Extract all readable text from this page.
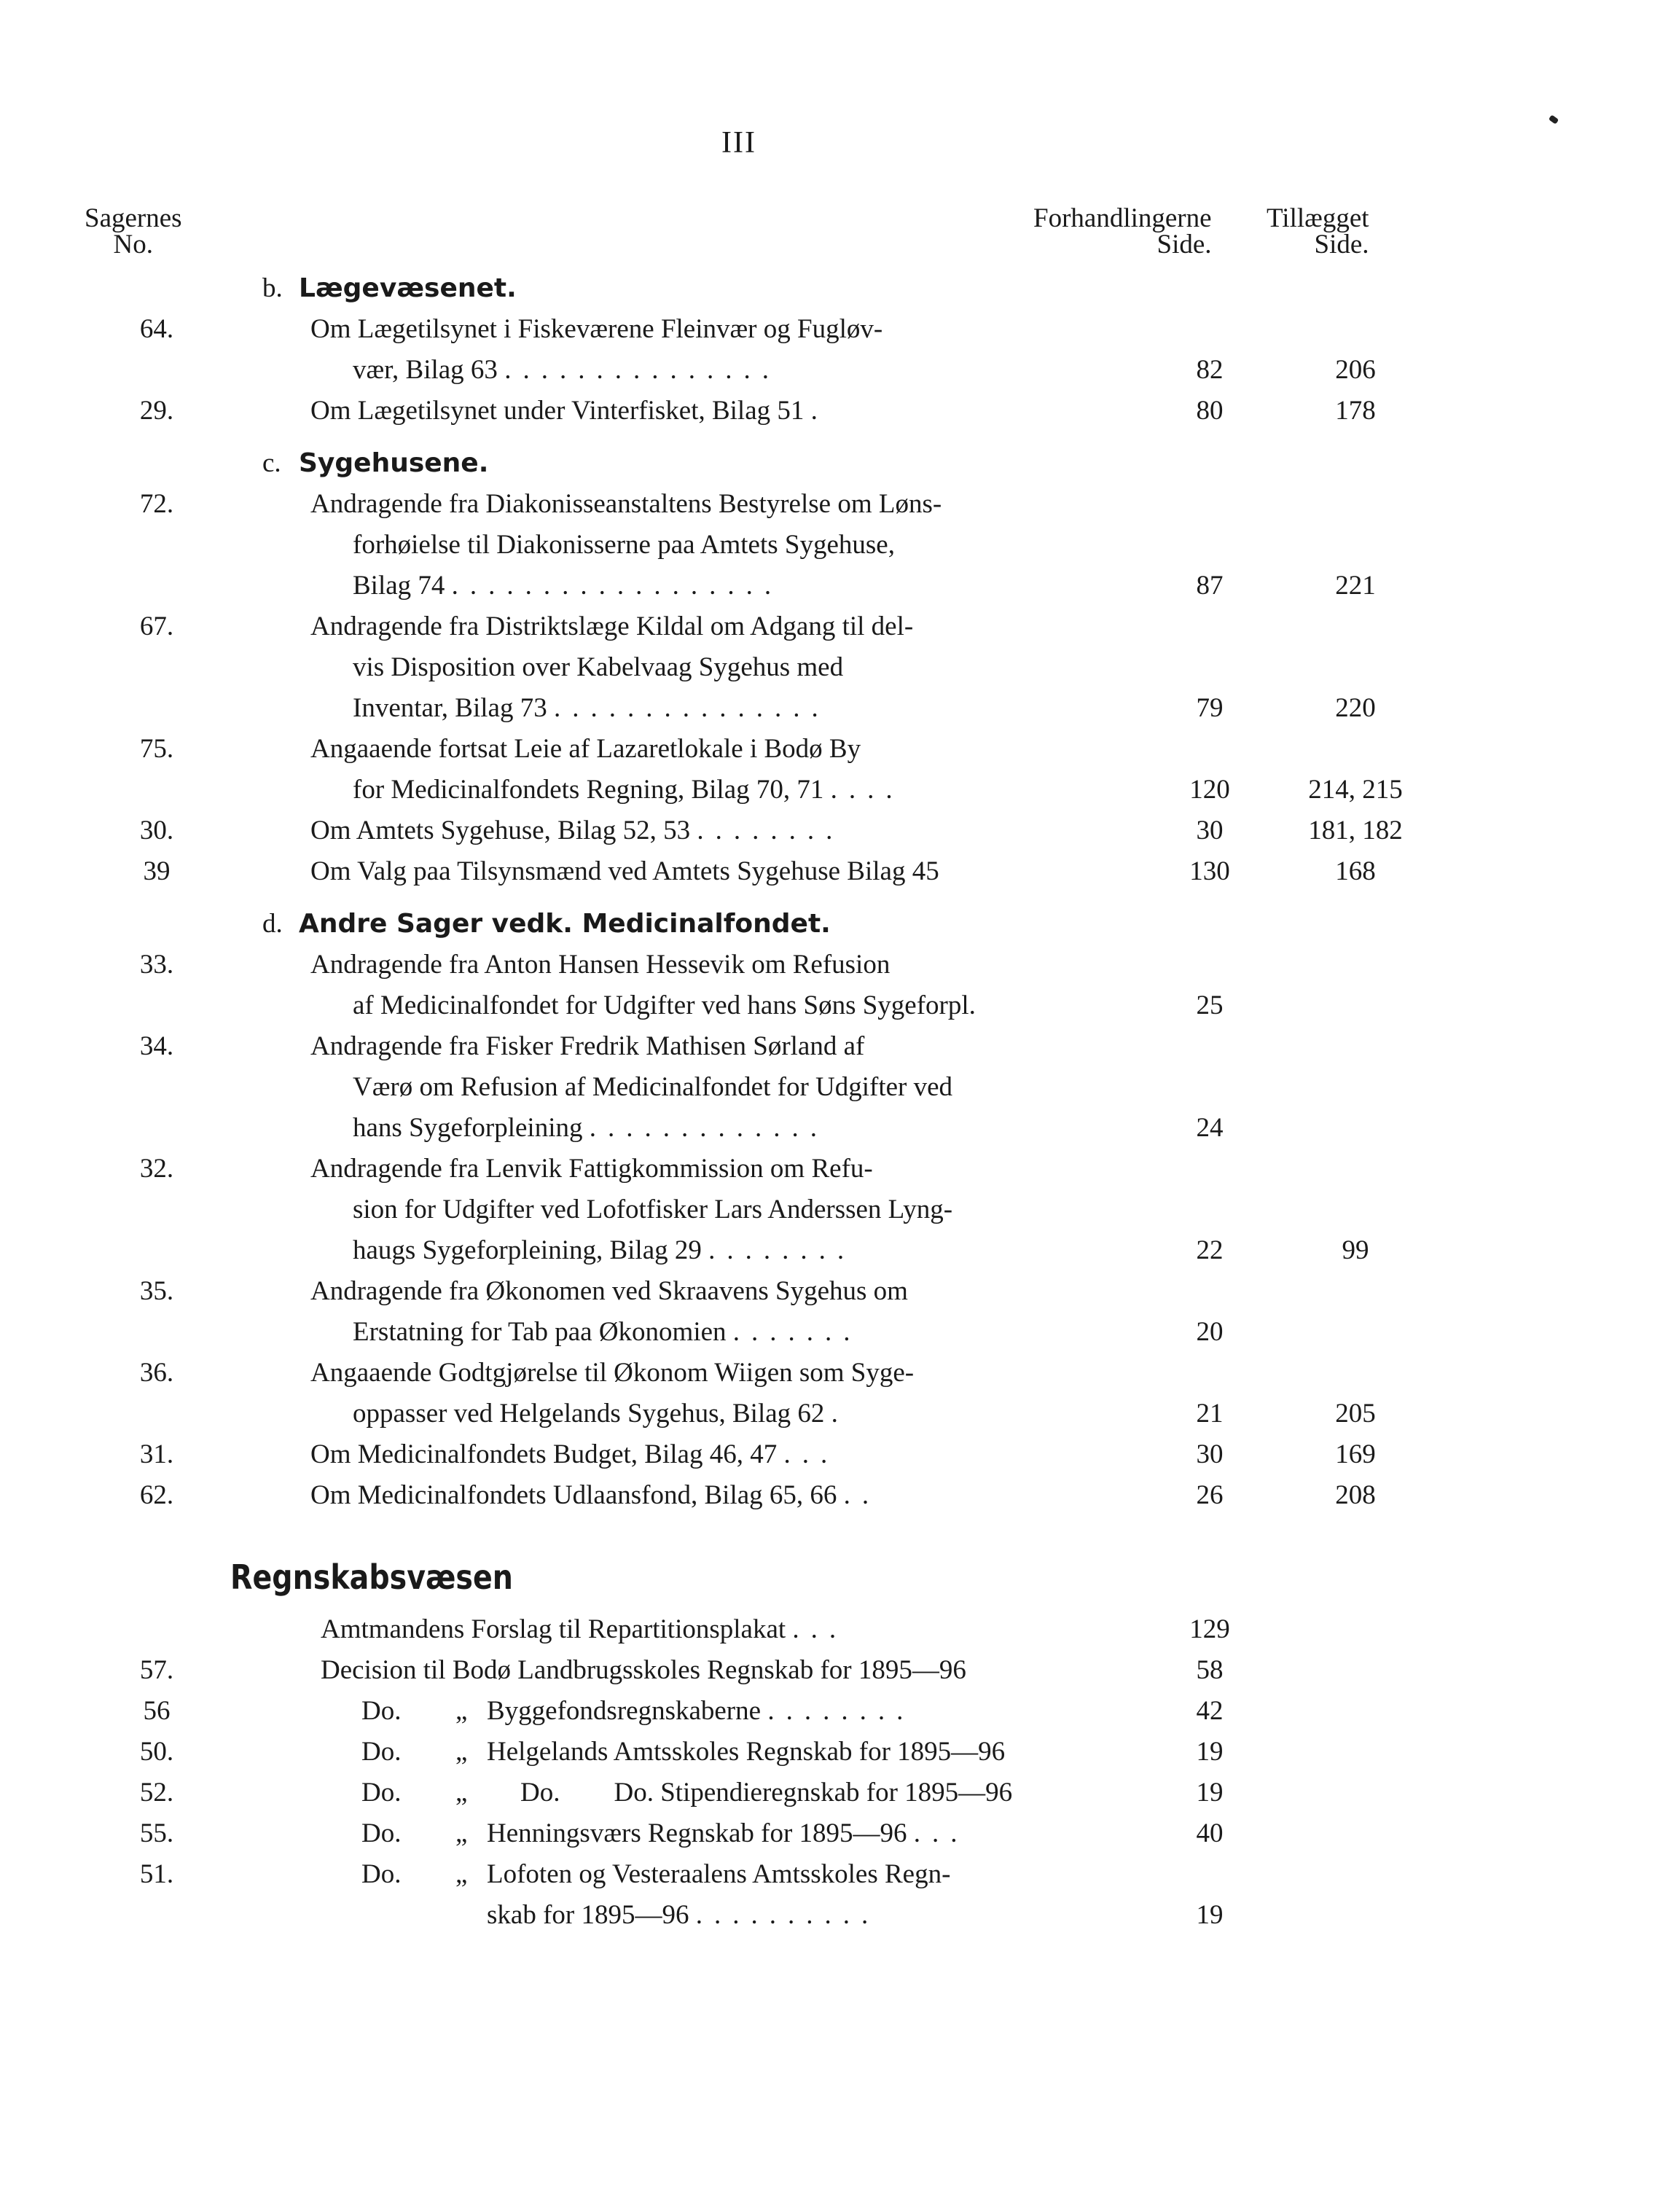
III
Sagernes
No.
Forhandlingerne
Side.
Tillægget
Side.
b. Lægevæsenet.
64.	Om Lægetilsynet i Fiskeværene Fleinvær og Fugløv-
vær, Bilag 63 ...............	82	206
29.	Om Lægetilsynet under Vinterfisket, Bilag 51 .	80	178
c. Sygehusene.
72.	Andragende fra Diakonisseanstaltens Bestyrelse om Løns-
forhøielse til Diakonisserne paa Amtets Sygehuse,
Bilag 74 ..................	87	221
67.	Andragende fra Distriktslæge Kildal om Adgang til del-
vis Disposition over Kabelvaag Sygehus med
Inventar, Bilag 73 ...............	79	220
75.	Angaaende fortsat Leie af Lazaretlokale i Bodø By
for Medicinalfondets Regning, Bilag 70, 71 ....	120	214, 215
30.	Om Amtets Sygehuse, Bilag 52, 53 ........	30	181, 182
39	Om Valg paa Tilsynsmænd ved Amtets Sygehuse Bilag 45	130	168
d. Andre Sager vedk. Medicinalfondet.
33.	Andragende fra Anton Hansen Hessevik om Refusion
af Medicinalfondet for Udgifter ved hans Søns Sygeforpl.	25
34.	Andragende fra Fisker Fredrik Mathisen Sørland af
Værø om Refusion af Medicinalfondet for Udgifter ved
hans Sygeforpleining .............	24
32.	Andragende fra Lenvik Fattigkommission om Refu-
sion for Udgifter ved Lofotfisker Lars Anderssen Lyng-
haugs Sygeforpleining, Bilag 29 ........	22	99
35.	Andragende fra Økonomen ved Skraavens Sygehus om
Erstatning for Tab paa Økonomien .......	20
36.	Angaaende Godtgjørelse til Økonom Wiigen som Syge-
oppasser ved Helgelands Sygehus, Bilag 62 .	21	205
31.	Om Medicinalfondets Budget, Bilag 46, 47 ...	30	169
62.	Om Medicinalfondets Udlaansfond, Bilag 65, 66 ..	26	208
Regnskabsvæsen
Amtmandens Forslag til Repartitionsplakat ...	129
57.	Decision til Bodø Landbrugsskoles Regnskab for 1895—96	58
56	Do.	„ Byggefondsregnskaberne ........	42
50.	Do.	„ Helgelands Amtsskoles Regnskab for 1895—96	19
52.	Do.	„ Do.        Do. Stipendieregnskab for 1895—96	19
55.	Do.	„ Henningsværs Regnskab for 1895—96 ...	40
51.	Do.	„ Lofoten og Vesteraalens Amtsskoles Regn-
skab for 1895—96 ..........	19
